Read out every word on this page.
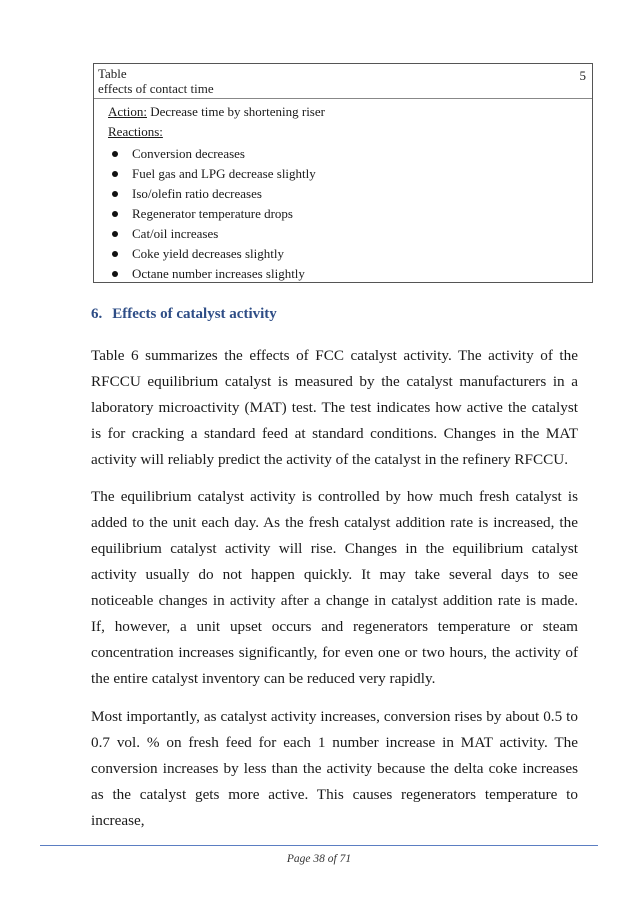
Table
effects of contact time
5

Action: Decrease time by shortening riser

Reactions:

Conversion decreases
Fuel gas and LPG decrease slightly
Iso/olefin ratio decreases
Regenerator temperature drops
Cat/oil increases
Coke yield decreases slightly
Octane number increases slightly
6. Effects of catalyst activity

Table 6 summarizes the effects of FCC catalyst activity. The activity of the RFCCU equilibrium catalyst is measured by the catalyst manufacturers in a laboratory microactivity (MAT) test. The test indicates how active the catalyst is for cracking a standard feed at standard conditions. Changes in the MAT activity will reliably predict the activity of the catalyst in the refinery RFCCU.

The equilibrium catalyst activity is controlled by how much fresh catalyst is added to the unit each day. As the fresh catalyst addition rate is increased, the equilibrium catalyst activity will rise. Changes in the equilibrium catalyst activity usually do not happen quickly. It may take several days to see noticeable changes in activity after a change in catalyst addition rate is made. If, however, a unit upset occurs and regenerators temperature or steam concentration increases significantly, for even one or two hours, the activity of the entire catalyst inventory can be reduced very rapidly.

Most importantly, as catalyst activity increases, conversion rises by about 0.5 to 0.7 vol. % on fresh feed for each 1 number increase in MAT activity. The conversion increases by less than the activity because the delta coke increases as the catalyst gets more active. This causes regenerators temperature to increase,

Page 38 of 71
